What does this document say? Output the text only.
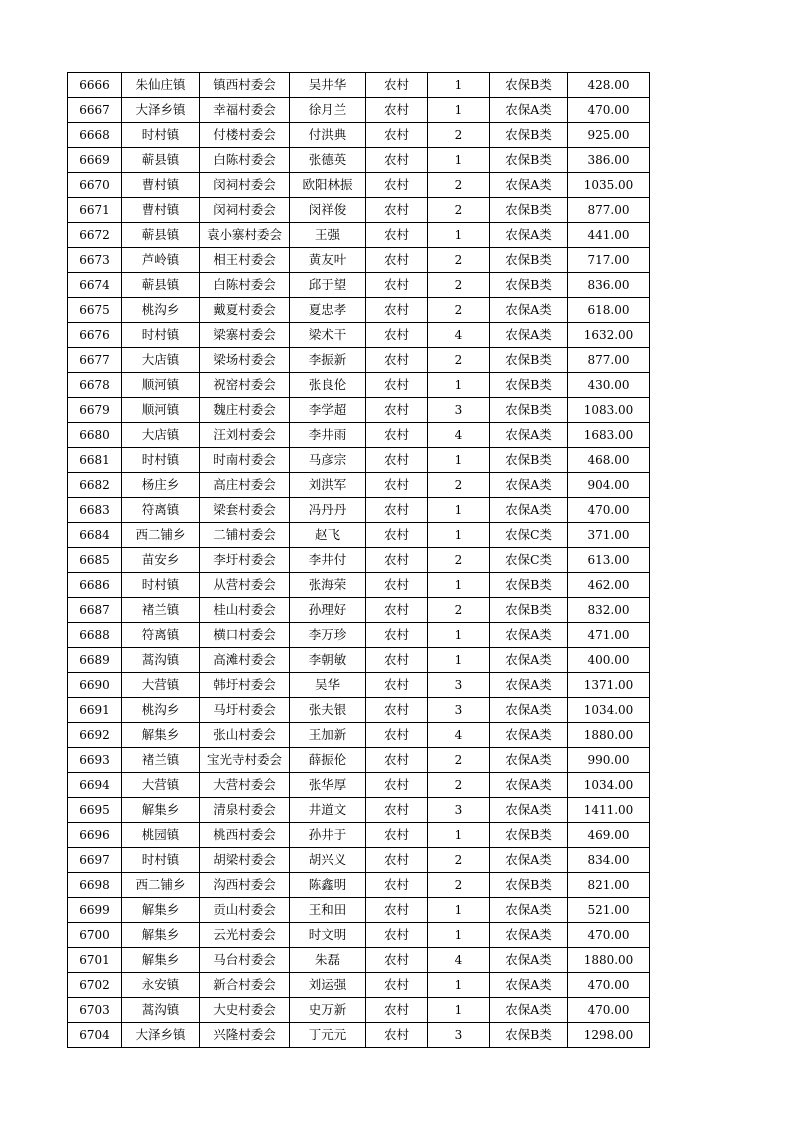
6666	朱仙庄镇	镇西村委会	吴井华	农村	1	农保B类	428.00
6667	大泽乡镇	幸福村委会	徐月兰	农村	1	农保A类	470.00
6668	时村镇	付楼村委会	付洪典	农村	2	农保B类	925.00
6669	蕲县镇	白陈村委会	张德英	农村	1	农保B类	386.00
6670	曹村镇	闵祠村委会	欧阳林振	农村	2	农保A类	1035.00
6671	曹村镇	闵祠村委会	闵祥俊	农村	2	农保B类	877.00
6672	蕲县镇	袁小寨村委会	王强	农村	1	农保A类	441.00
6673	芦岭镇	相王村委会	黄友叶	农村	2	农保B类	717.00
6674	蕲县镇	白陈村委会	邱于望	农村	2	农保B类	836.00
6675	桃沟乡	戴夏村委会	夏忠孝	农村	2	农保A类	618.00
6676	时村镇	梁寨村委会	梁术干	农村	4	农保A类	1632.00
6677	大店镇	梁场村委会	李振新	农村	2	农保B类	877.00
6678	顺河镇	祝窑村委会	张良伦	农村	1	农保B类	430.00
6679	顺河镇	魏庄村委会	李学超	农村	3	农保B类	1083.00
6680	大店镇	汪刘村委会	李井雨	农村	4	农保A类	1683.00
6681	时村镇	时南村委会	马彦宗	农村	1	农保B类	468.00
6682	杨庄乡	高庄村委会	刘洪军	农村	2	农保A类	904.00
6683	符离镇	梁套村委会	冯丹丹	农村	1	农保A类	470.00
6684	西二铺乡	二铺村委会	赵飞	农村	1	农保C类	371.00
6685	苗安乡	李圩村委会	李井付	农村	2	农保C类	613.00
6686	时村镇	从营村委会	张海荣	农村	1	农保B类	462.00
6687	褚兰镇	桂山村委会	孙理好	农村	2	农保B类	832.00
6688	符离镇	横口村委会	李万珍	农村	1	农保A类	471.00
6689	蒿沟镇	高滩村委会	李朝敏	农村	1	农保A类	400.00
6690	大营镇	韩圩村委会	吴华	农村	3	农保A类	1371.00
6691	桃沟乡	马圩村委会	张夫银	农村	3	农保A类	1034.00
6692	解集乡	张山村委会	王加新	农村	4	农保A类	1880.00
6693	褚兰镇	宝光寺村委会	薛振伦	农村	2	农保A类	990.00
6694	大营镇	大营村委会	张华厚	农村	2	农保A类	1034.00
6695	解集乡	清泉村委会	井道文	农村	3	农保A类	1411.00
6696	桃园镇	桃西村委会	孙井于	农村	1	农保B类	469.00
6697	时村镇	胡梁村委会	胡兴义	农村	2	农保A类	834.00
6698	西二铺乡	沟西村委会	陈鑫明	农村	2	农保B类	821.00
6699	解集乡	贡山村委会	王和田	农村	1	农保A类	521.00
6700	解集乡	云光村委会	时文明	农村	1	农保A类	470.00
6701	解集乡	马台村委会	朱磊	农村	4	农保A类	1880.00
6702	永安镇	新合村委会	刘运强	农村	1	农保A类	470.00
6703	蒿沟镇	大史村委会	史万新	农村	1	农保A类	470.00
6704	大泽乡镇	兴隆村委会	丁元元	农村	3	农保B类	1298.00
